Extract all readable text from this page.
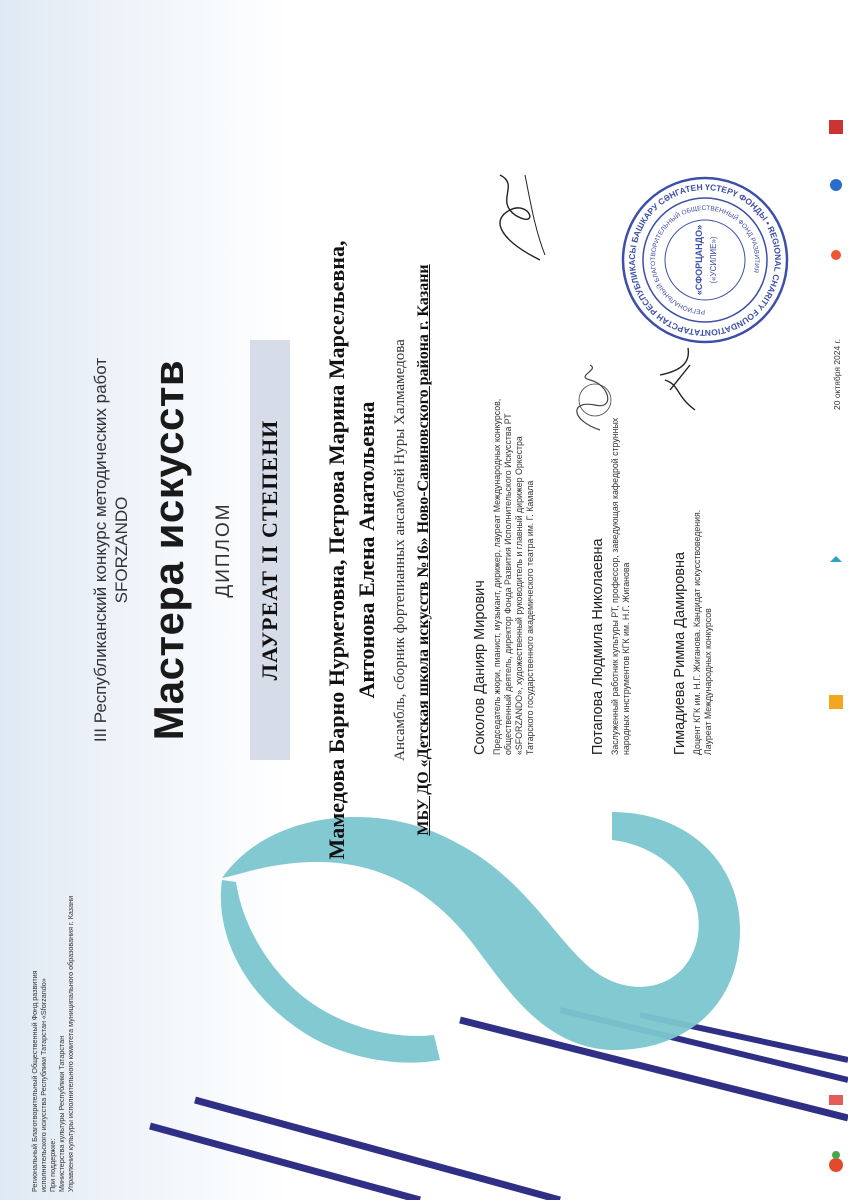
Региональный Благотворительный Общественный Фонд развития исполнительского искусства Республики Татарстан «Sforzando» При поддержке: Министерства культуры Республики Татарстан Управления культуры исполнительного комитета муниципального образования г. Казани
III Республиканский конкурс методических работ SFORZANDO Мастера искусств ДИПЛОМ	ЛАУРЕАТ II СТЕПЕНИ	Мамедова Барно Нурметовна, Петрова Марина Марсельевна, Антонова Елена Анатольевна Ансамбль, сборник фортепианных ансамблей Нуры Халмамедова МБУ ДО «Детская школа искусств №16» Ново-Савиновского района г. Казани	Соколов Данияр Мирович Председатель жюри, пианист, музыкант, дирижер, лауреат Международных конкурсов, общественный деятель, директор Фонда Развития Исполнительского Искусства РТ «SFORZANDO», художественный руководитель и главный дирижер Оркестра Татарского государственного академического театра им. Г. Камала	Потапова Людмила Николаевна Заслуженный работник культуры РТ, профессор, заведующая кафедрой струнных народных инструментов КГК им. Н.Г. Жиганова	Гимадиева Римма Дамировна Доцент КГК им. Н.Г. Жиганова. Кандидат искусствоведения. Лауреат Международных конкурсов
20 октября 2024 г.
ТАТАРСТАН РЕСПУБЛИКАСЫ БАШКАРУ СӘНГАТЕН ҮСТЕРҮ ФОНДЫ • REGIONAL CHARITY FOUNDATION
РЕГИОНАЛЬНЫЙ БЛАГОТВОРИТЕЛЬНЫЙ ОБЩЕСТВЕННЫЙ ФОНД РАЗВИТИЯ
«СФОРЦАНДО» («УСИЛИЕ»)
